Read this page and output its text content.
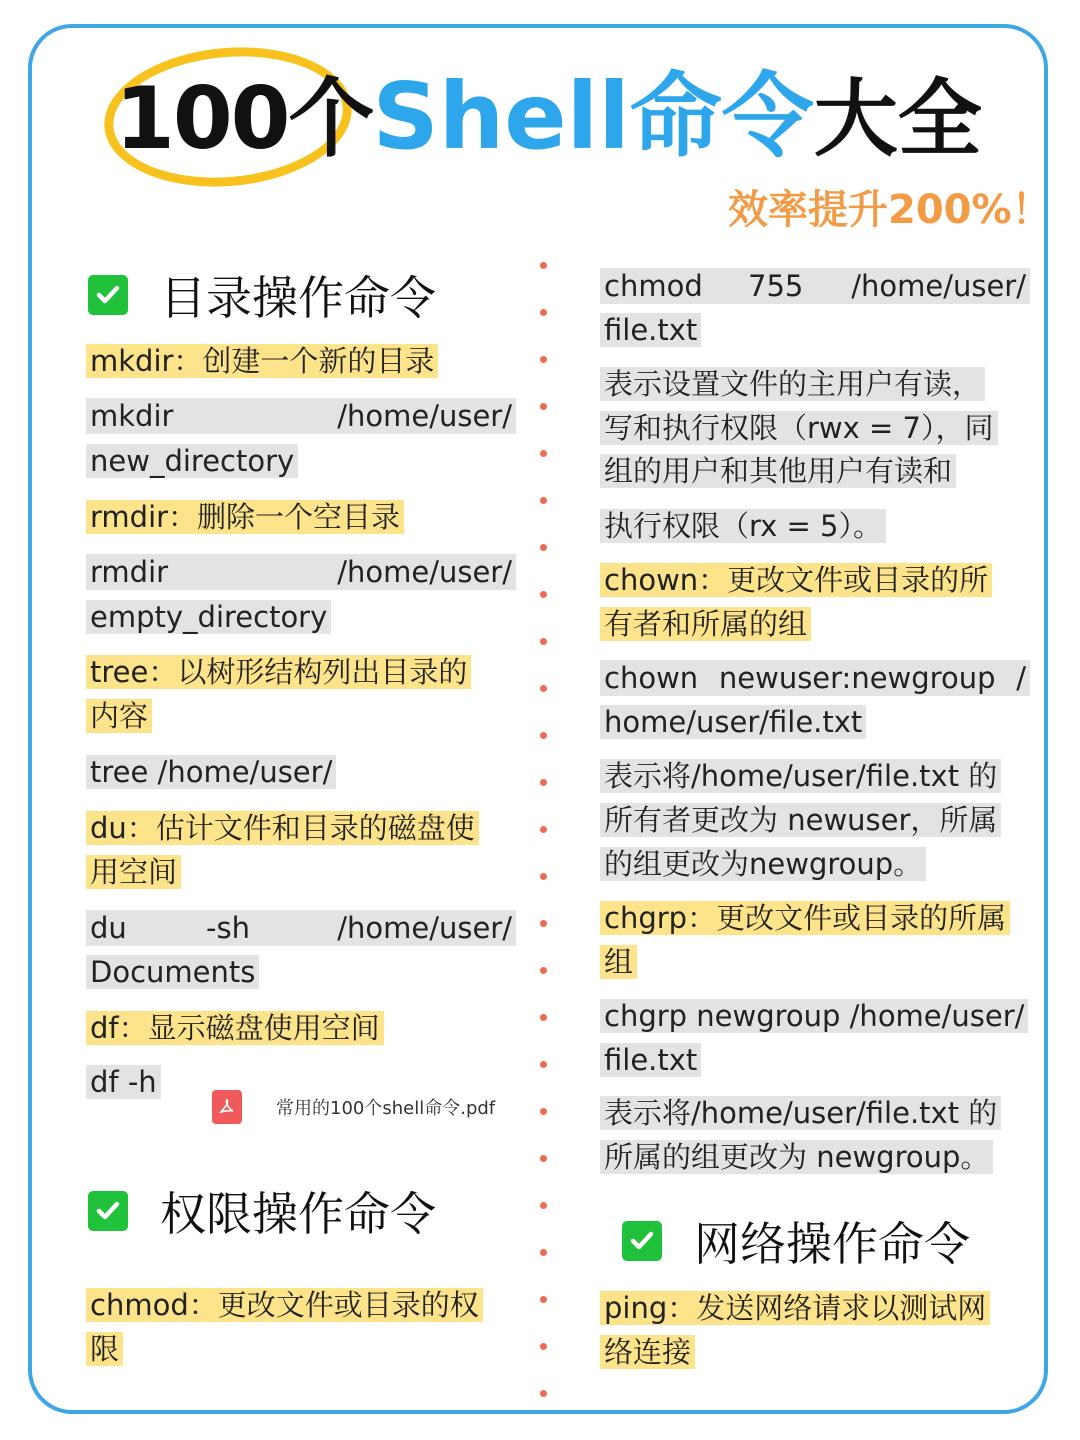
100个Shell命令大全
效率提升200%！
目录操作命令
mkdir：创建一个新的目录
mkdir	/home/user/
new_directory
rmdir：删除一个空目录
rmdir	/home/user/
empty_directory
tree：以树形结构列出目录的
内容
tree /home/user/
du：估计文件和目录的磁盘使
用空间
du	-sh	/home/user/
Documents
df：显示磁盘使用空间
df -h
权限操作命令
chmod：更改文件或目录的权
限
常用的100个shell命令.pdf
chmod 755 /home/user/
file.txt
表示设置文件的主用户有读，
写和执行权限（rwx = 7），同
组的用户和其他用户有读和
执行权限（rx = 5）。
chown：更改文件或目录的所
有者和所属的组
chown newuser:newgroup /
home/user/file.txt
表示将/home/user/file.txt 的
所有者更改为 newuser，所属
的组更改为newgroup。
chgrp：更改文件或目录的所属
组
chgrp newgroup /home/user/
file.txt
表示将/home/user/file.txt 的
所属的组更改为 newgroup。
网络操作命令
ping：发送网络请求以测试网
络连接
